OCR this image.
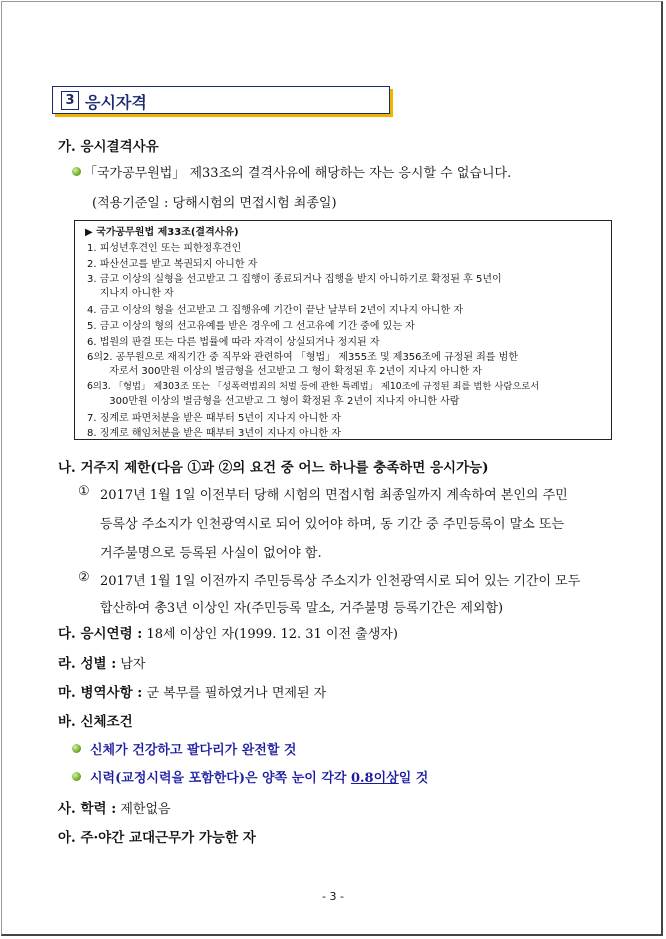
3 응시자격
가. 응시결격사유
「국가공무원법」 제33조의 결격사유에 해당하는 자는 응시할 수 없습니다.
(적용기준일 : 당해시험의 면접시험 최종일)
▶ 국가공무원법 제33조(결격사유)
1. 피성년후견인 또는 피한정후견인
2. 파산선고를 받고 복권되지 아니한 자
3. 금고 이상의 실형을 선고받고 그 집행이 종료되거나 집행을 받지 아니하기로 확정된 후 5년이
지나지 아니한 자
4. 금고 이상의 형을 선고받고 그 집행유예 기간이 끝난 날부터 2년이 지나지 아니한 자
5. 금고 이상의 형의 선고유예를 받은 경우에 그 선고유예 기간 중에 있는 자
6. 법원의 판결 또는 다른 법률에 따라 자격이 상실되거나 정지된 자
6의2. 공무원으로 재직기간 중 직무와 관련하여 「형법」 제355조 및 제356조에 규정된 죄를 범한
자로서 300만원 이상의 벌금형을 선고받고 그 형이 확정된 후 2년이 지나지 아니한 자
6의3. 「형법」 제303조 또는 「성폭력범죄의 처벌 등에 관한 특례법」 제10조에 규정된 죄를 범한 사람으로서
300만원 이상의 벌금형을 선고받고 그 형이 확정된 후 2년이 지나지 아니한 사람
7. 징계로 파면처분을 받은 때부터 5년이 지나지 아니한 자
8. 징계로 해임처분을 받은 때부터 3년이 지나지 아니한 자
나. 거주지 제한(다음 ①과 ②의 요건 중 어느 하나를 충족하면 응시가능)
① 2017년 1월 1일 이전부터 당해 시험의 면접시험 최종일까지 계속하여 본인의 주민
등록상 주소지가 인천광역시로 되어 있어야 하며, 동 기간 중 주민등록이 말소 또는
거주불명으로 등록된 사실이 없어야 함.
② 2017년 1월 1일 이전까지 주민등록상 주소지가 인천광역시로 되어 있는 기간이 모두
합산하여 총3년 이상인 자(주민등록 말소, 거주불명 등록기간은 제외함)
다. 응시연령 : 18세 이상인 자(1999. 12. 31 이전 출생자)
라. 성별 : 남자
마. 병역사항 : 군 복무를 필하였거나 면제된 자
바. 신체조건
신체가 건강하고 팔다리가 완전할 것
시력(교정시력을 포함한다)은 양쪽 눈이 각각 0.8이상일 것
사. 학력 : 제한없음
아. 주·야간 교대근무가 가능한 자
- 3 -
